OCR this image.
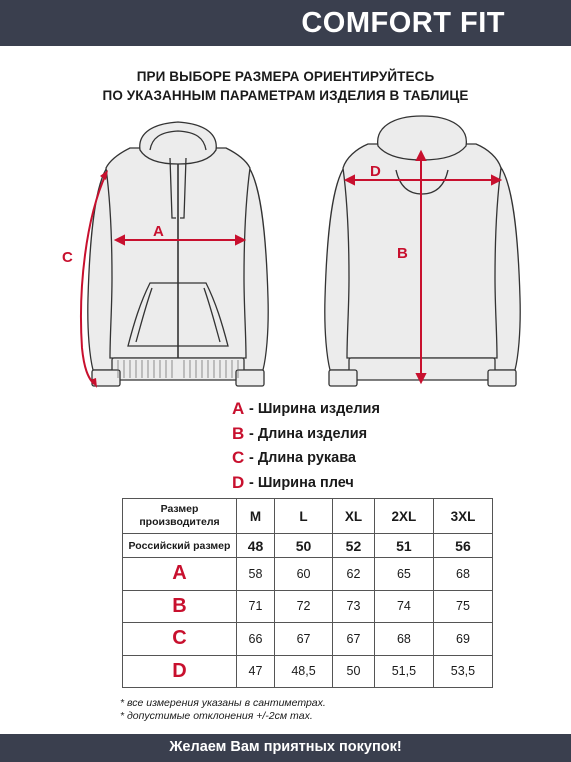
COMFORT FIT
ПРИ ВЫБОРЕ РАЗМЕРА ОРИЕНТИРУЙТЕСЬ
ПО УКАЗАННЫМ ПАРАМЕТРАМ ИЗДЕЛИЯ В ТАБЛИЦЕ
A
C	B
D
A - Ширина изделия
B - Длина изделия
C - Длина рукава
D - Ширина плеч
Размер
производителя	M	L	XL	2XL	3XL
Российский размер	48	50	52	51	56
A	58	60	62	65	68
B	71	72	73	74	75
C	66	67	67	68	69
D	47	48,5	50	51,5	53,5
* все измерения указаны в сантиметрах.
* допустимые отклонения +/-2см max.
Желаем Вам приятных покупок!
